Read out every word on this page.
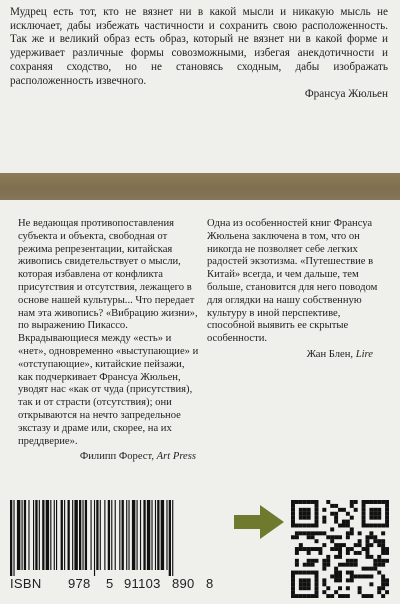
Мудрец есть тот, кто не вязнет ни в какой мысли и никакую мысль не исключает, дабы избежать частичности и сохранить свою расположенность. Так же и великий образ есть образ, который не вязнет ни в какой форме и удерживает различные формы совозможными, избегая анекдотичности и сохраняя сходство, но не становясь сходным, дабы изображать расположенность извечного.
Франсуа Жюльен

Не ведающая противопоставления субъекта и объекта, свободная от режима репрезентации, китайская живопись свидетельствует о мысли, которая избавлена от конфликта присутствия и отсутствия, лежащего в основе нашей культуры... Что передает нам эта живопись? «Вибрацию жизни», по выражению Пикассо. Вкрадывающиеся между «есть» и «нет», одновременно «выступающие» и «отступающие», китайские пейзажи, как подчеркивает Франсуа Жюльен, уводят нас «как от чуда (присутствия), так и от страсти (отсутствия); они открываются на нечто запредельное экстазу и драме или, скорее, на их преддверие».

Филипп Форест, Art Press

Одна из особенностей книг Франсуа Жюльена заключена в том, что он никогда не позволяет себе легких радостей экзотизма. «Путешествие в Китай» всегда, и чем дальше, тем больше, становится для него поводом для оглядки на нашу собственную культуру в иной перспективе, способной выявить ее скрытые особенности.

Жан Блен, Lire
ISBN 978 5 91103 890 8
